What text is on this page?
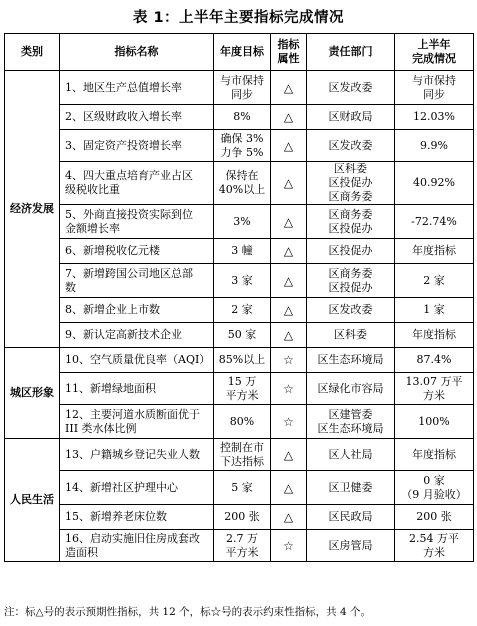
表 1：上半年主要指标完成情况
类别	指标名称	年度目标	指标
属性	责任部门	上半年
完成情况
经济发展	1、地区生产总值增长率	与市保持
同步	△	区发改委	与市保持
同步
	2、区级财政收入增长率	8%	△	区财政局	12.03%
	3、固定资产投资增长率	确保 3%
力争 5%	△	区发改委	9.9%
	4、四大重点培育产业占区
级税收比重	保持在
40%以上	△	区科委
区投促办
区商务委	40.92%
	5、外商直接投资实际到位
金额增长率	3%	△	区商务委
区投促办	-72.74%
	6、新增税收亿元楼	3 幢	△	区投促办	年度指标
	7、新增跨国公司地区总部
数	3 家	△	区商务委
区投促办	2 家
	8、新增企业上市数	2 家	△	区发改委	1 家
	9、新认定高新技术企业	50 家	△	区科委	年度指标
城区形象	10、空气质量优良率（AQI）	85%以上	☆	区生态环境局	87.4%
	11、新增绿地面积	15 万
平方米	☆	区绿化市容局	13.07 万平
方米
	12、主要河道水质断面优于
III 类水体比例	80%	☆	区建管委
区生态环境局	100%
人民生活	13、户籍城乡登记失业人数	控制在市
下达指标	△	区人社局	年度指标
	14、新增社区护理中心	5 家	△	区卫健委	0 家
（9 月验收）
	15、新增养老床位数	200 张	△	区民政局	200 张
	16、启动实施旧住房成套改
造面积	2.7 万
平方米	☆	区房管局	2.54 万平
方米
注：标△号的表示预期性指标，共 12 个，标☆号的表示约束性指标，共 4 个。
